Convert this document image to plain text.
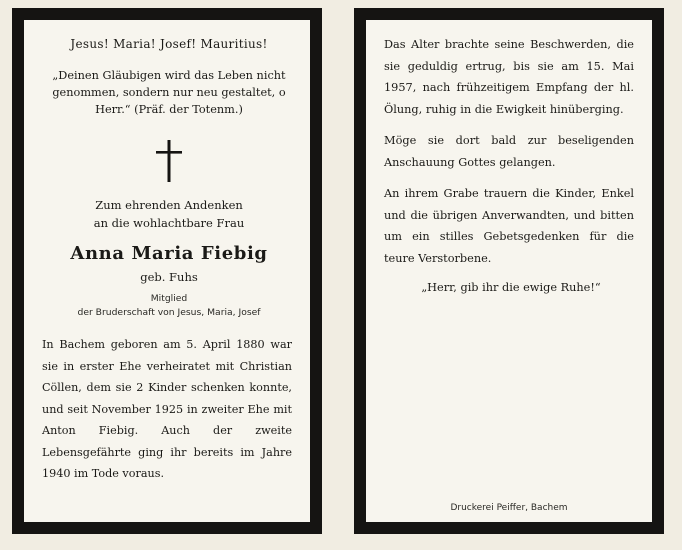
Jesus! Maria! Josef! Mauritius!
„Deinen Gläubigen wird das Leben nicht genommen, sondern nur neu gestaltet, o Herr.“ (Präf. der Totenm.)
Zum ehrenden Andenken
an die wohlachtbare Frau
Anna Maria Fiebig
geb. Fuhs
Mitglied
der Bruderschaft von Jesus, Maria, Josef
In Bachem geboren am 5. April 1880 war sie in erster Ehe verheiratet mit Christian Cöllen, dem sie 2 Kinder schenken konnte, und seit November 1925 in zweiter Ehe mit Anton Fiebig. Auch der zweite Lebensgefährte ging ihr bereits im Jahre 1940 im Tode voraus.

Das Alter brachte seine Beschwerden, die sie geduldig ertrug, bis sie am 15. Mai 1957, nach frühzeitigem Empfang der hl. Ölung, ruhig in die Ewigkeit hinüberging.

Möge sie dort bald zur beseligenden Anschauung Gottes gelangen.

An ihrem Grabe trauern die Kinder, Enkel und die übrigen Anverwandten, und bitten um ein stilles Gebetsgedenken für die teure Verstorbene.

„Herr, gib ihr die ewige Ruhe!“
Druckerei Peiffer, Bachem
